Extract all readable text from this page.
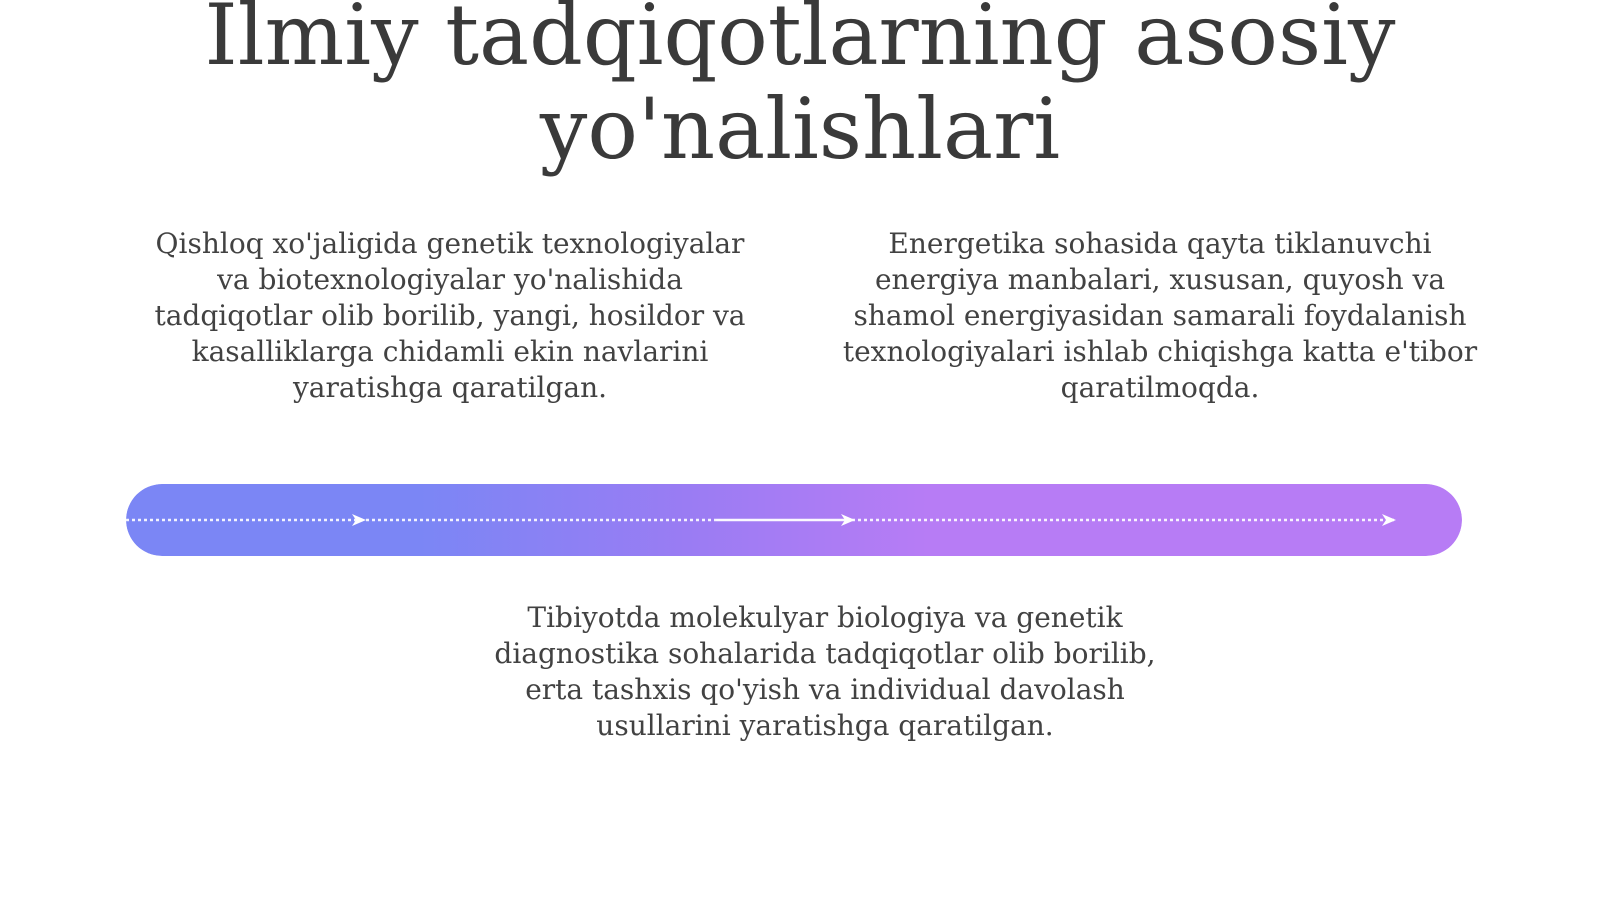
Ilmiy tadqiqotlarning asosiy yo'nalishlari

Qishloq xo'jaligida genetik texnologiyalar va biotexnologiyalar yo'nalishida tadqiqotlar olib borilib, yangi, hosildor va kasalliklarga chidamli ekin navlarini yaratishga qaratilgan.

Energetika sohasida qayta tiklanuvchi energiya manbalari, xususan, quyosh va shamol energiyasidan samarali foydalanish texnologiyalari ishlab chiqishga katta e'tibor qaratilmoqda.

Tibiyotda molekulyar biologiya va genetik diagnostika sohalarida tadqiqotlar olib borilib, erta tashxis qo'yish va individual davolash usullarini yaratishga qaratilgan.
